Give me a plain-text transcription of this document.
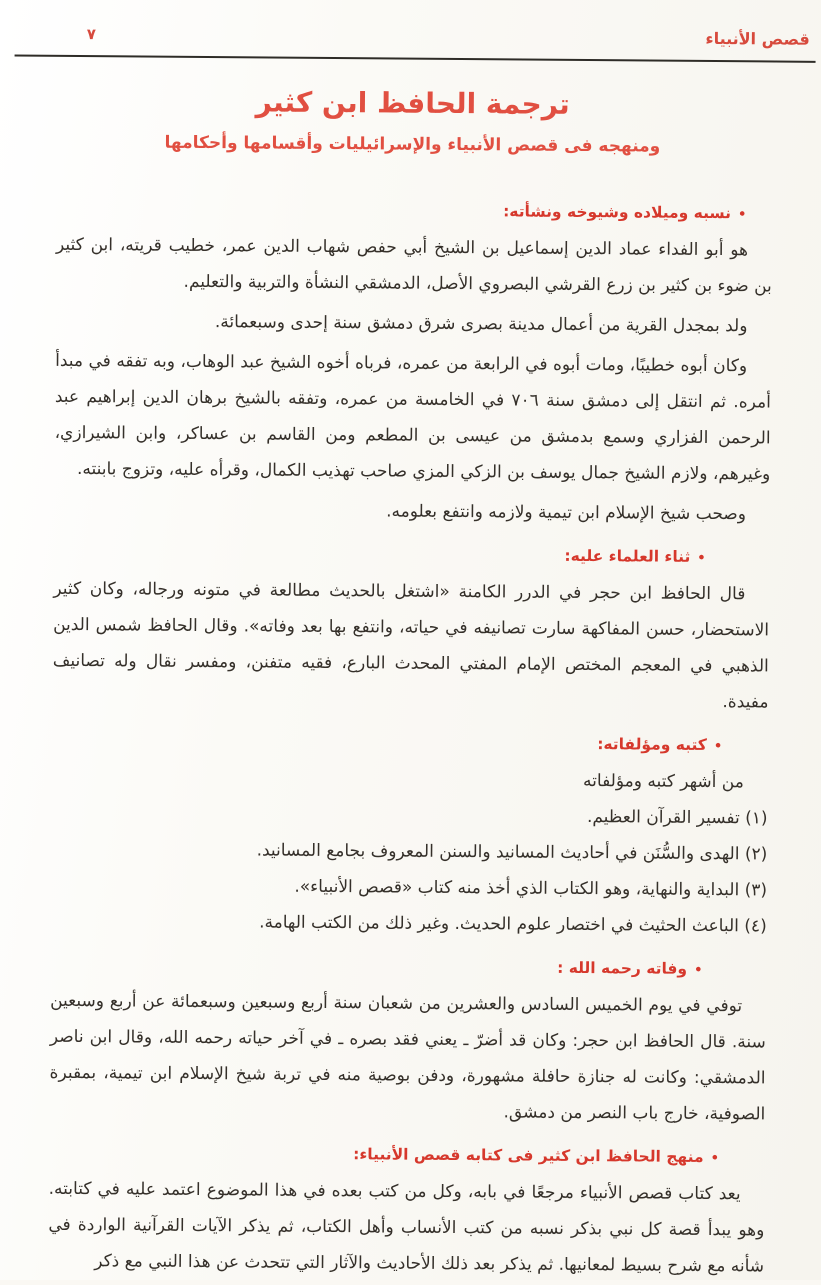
٧	قصص الأنبياء
ترجمة الحافظ ابن كثير
ومنهجه فى قصص الأنبياء والإسرائيليات وأقسامها وأحكامها
•نسبه وميلاده وشيوخه ونشأته:

هو أبو الفداء عماد الدين إسماعيل بن الشيخ أبي حفص شهاب الدين عمر، خطيب قريته، ابن كثير بن ضوء بن كثير بن زرع القرشي البصروي الأصل، الدمشقي النشأة والتربية والتعليم.

ولد بمجدل القرية من أعمال مدينة بصرى شرق دمشق سنة إحدى وسبعمائة.

وكان أبوه خطيبًا، ومات أبوه في الرابعة من عمره، فرباه أخوه الشيخ عبد الوهاب، وبه تفقه في مبدأ أمره. ثم انتقل إلى دمشق سنة ٧٠٦ في الخامسة من عمره، وتفقه بالشيخ برهان الدين إبراهيم عبد الرحمن الفزاري وسمع بدمشق من عيسى بن المطعم ومن القاسم بن عساكر، وابن الشيرازي، وغيرهم، ولازم الشيخ جمال يوسف بن الزكي المزي صاحب تهذيب الكمال، وقرأه عليه، وتزوج بابنته.

وصحب شيخ الإسلام ابن تيمية ولازمه وانتفع بعلومه.

•ثناء العلماء عليه:

قال الحافظ ابن حجر في الدرر الكامنة «اشتغل بالحديث مطالعة في متونه ورجاله، وكان كثير الاستحضار، حسن المفاكهة سارت تصانيفه في حياته، وانتفع بها بعد وفاته». وقال الحافظ شمس الدين الذهبي في المعجم المختص الإمام المفتي المحدث البارع، فقيه متفنن، ومفسر نقال وله تصانيف مفيدة.

•كتبه ومؤلفاته:

من أشهر كتبه ومؤلفاته

(١) تفسير القرآن العظيم.
(٢) الهدى والسُّنَن في أحاديث المسانيد والسنن المعروف بجامع المسانيد.
(٣) البداية والنهاية، وهو الكتاب الذي أخذ منه كتاب «قصص الأنبياء».
(٤) الباعث الحثيث في اختصار علوم الحديث. وغير ذلك من الكتب الهامة.
•وفاته رحمه الله :

توفي في يوم الخميس السادس والعشرين من شعبان سنة أربع وسبعين وسبعمائة عن أربع وسبعين سنة. قال الحافظ ابن حجر: وكان قد أضرّ ـ يعني فقد بصره ـ في آخر حياته رحمه الله، وقال ابن ناصر الدمشقي: وكانت له جنازة حافلة مشهورة، ودفن بوصية منه في تربة شيخ الإسلام ابن تيمية، بمقبرة الصوفية، خارج باب النصر من دمشق.

•منهج الحافظ ابن كثير فى كتابه قصص الأنبياء:

يعد كتاب قصص الأنبياء مرجعًا في بابه، وكل من كتب بعده في هذا الموضوع اعتمد عليه في كتابته. وهو يبدأ قصة كل نبي بذكر نسبه من كتب الأنساب وأهل الكتاب، ثم يذكر الآيات القرآنية الواردة في شأنه مع شرح بسيط لمعانيها. ثم يذكر بعد ذلك الأحاديث والآثار التي تتحدث عن هذا النبي مع ذكر
